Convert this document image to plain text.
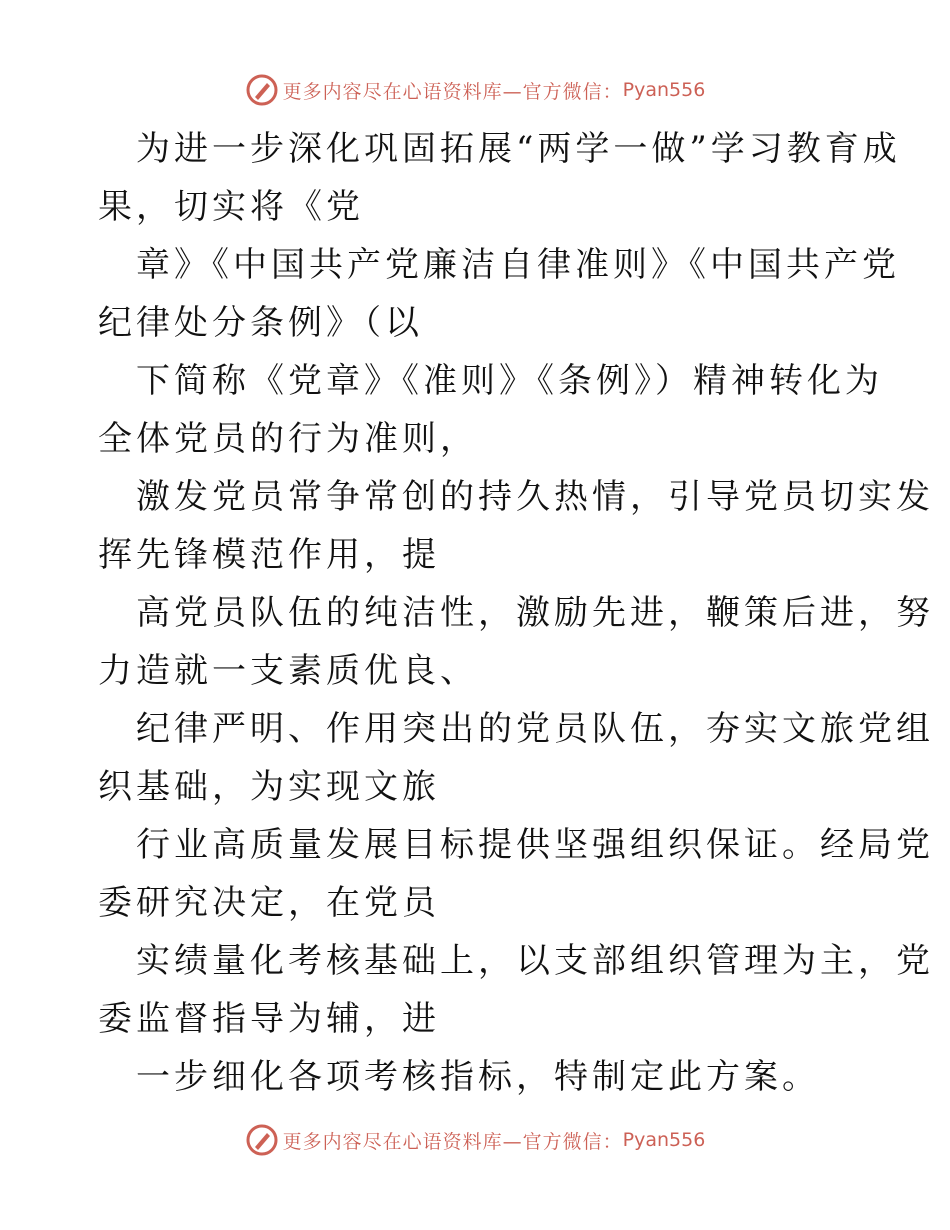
更多内容尽在心语资料库—官方微信： Pyan556
为进一步深化巩固拓展“两学一做”学习教育成
果，切实将《党
章》《中国共产党廉洁自律准则》《中国共产党
纪律处分条例》（以
下简称《党章》《准则》《条例》）精神转化为
全体党员的行为准则，
激发党员常争常创的持久热情，引导党员切实发
挥先锋模范作用，提
高党员队伍的纯洁性，激励先进，鞭策后进，努
力造就一支素质优良、
纪律严明、作用突出的党员队伍，夯实文旅党组
织基础，为实现文旅
行业高质量发展目标提供坚强组织保证。经局党
委研究决定，在党员
实绩量化考核基础上，以支部组织管理为主，党
委监督指导为辅，进
一步细化各项考核指标，特制定此方案。
更多内容尽在心语资料库—官方微信： Pyan556
